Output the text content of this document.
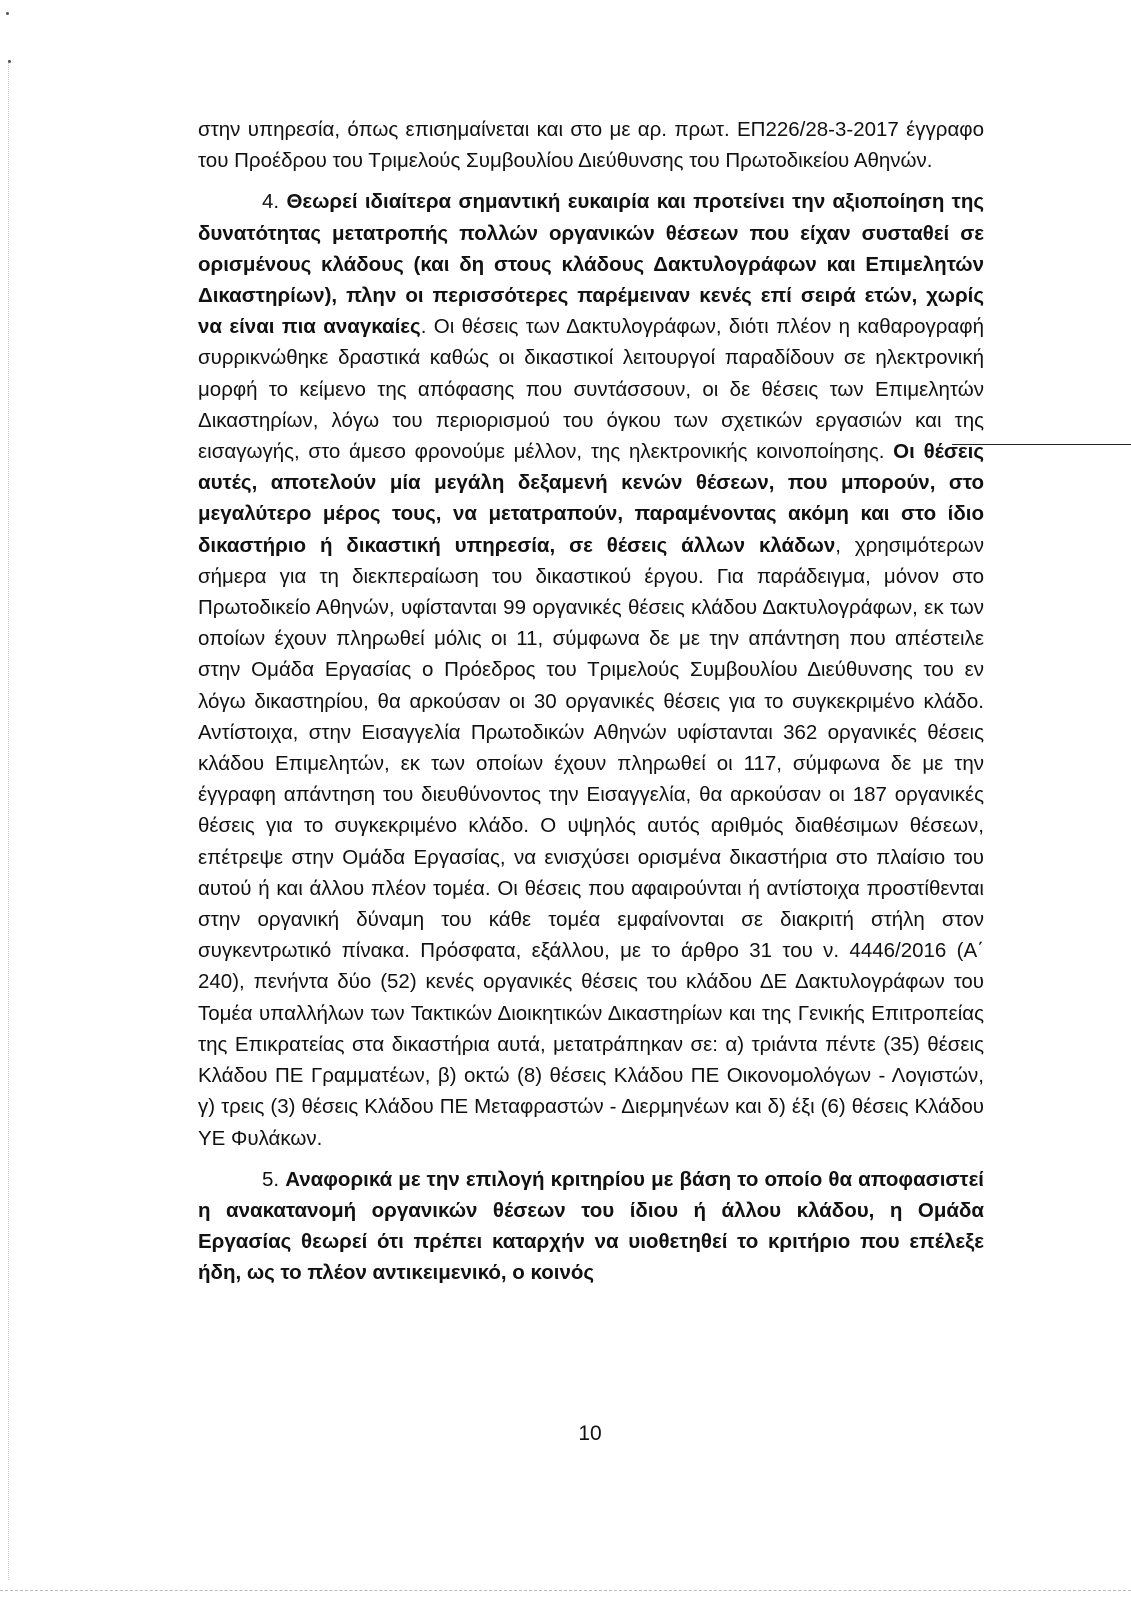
στην υπηρεσία, όπως επισημαίνεται και στο με αρ. πρωτ. ΕΠ226/28-3-2017 έγγραφο του Προέδρου του Τριμελούς Συμβουλίου Διεύθυνσης του Πρωτοδικείου Αθηνών.

4. Θεωρεί ιδιαίτερα σημαντική ευκαιρία και προτείνει την αξιοποίηση της δυνατότητας μετατροπής πολλών οργανικών θέσεων που είχαν συσταθεί σε ορισμένους κλάδους (και δη στους κλάδους Δακτυλογράφων και Επιμελητών Δικαστηρίων), πλην οι περισσότερες παρέμειναν κενές επί σειρά ετών, χωρίς να είναι πια αναγκαίες. Οι θέσεις των Δακτυλογράφων, διότι πλέον η καθαρογραφή συρρικνώθηκε δραστικά καθώς οι δικαστικοί λειτουργοί παραδίδουν σε ηλεκτρονική μορφή το κείμενο της απόφασης που συντάσσουν, οι δε θέσεις των Επιμελητών Δικαστηρίων, λόγω του περιορισμού του όγκου των σχετικών εργασιών και της εισαγωγής, στο άμεσο φρονούμε μέλλον, της ηλεκτρονικής κοινοποίησης. Οι θέσεις αυτές, αποτελούν μία μεγάλη δεξαμενή κενών θέσεων, που μπορούν, στο μεγαλύτερο μέρος τους, να μετατραπούν, παραμένοντας ακόμη και στο ίδιο δικαστήριο ή δικαστική υπηρεσία, σε θέσεις άλλων κλάδων, χρησιμότερων σήμερα για τη διεκπεραίωση του δικαστικού έργου. Για παράδειγμα, μόνον στο Πρωτοδικείο Αθηνών, υφίστανται 99 οργανικές θέσεις κλάδου Δακτυλογράφων, εκ των οποίων έχουν πληρωθεί μόλις οι 11, σύμφωνα δε με την απάντηση που απέστειλε στην Ομάδα Εργασίας ο Πρόεδρος του Τριμελούς Συμβουλίου Διεύθυνσης του εν λόγω δικαστηρίου, θα αρκούσαν οι 30 οργανικές θέσεις για το συγκεκριμένο κλάδο. Αντίστοιχα, στην Εισαγγελία Πρωτοδικών Αθηνών υφίστανται 362 οργανικές θέσεις κλάδου Επιμελητών, εκ των οποίων έχουν πληρωθεί οι 117, σύμφωνα δε με την έγγραφη απάντηση του διευθύνοντος την Εισαγγελία, θα αρκούσαν οι 187 οργανικές θέσεις για το συγκεκριμένο κλάδο. Ο υψηλός αυτός αριθμός διαθέσιμων θέσεων, επέτρεψε στην Ομάδα Εργασίας, να ενισχύσει ορισμένα δικαστήρια στο πλαίσιο του αυτού ή και άλλου πλέον τομέα. Οι θέσεις που αφαιρούνται ή αντίστοιχα προστίθενται στην οργανική δύναμη του κάθε τομέα εμφαίνονται σε διακριτή στήλη στον συγκεντρωτικό πίνακα. Πρόσφατα, εξάλλου, με το άρθρο 31 του ν. 4446/2016 (Α΄ 240), πενήντα δύο (52) κενές οργανικές θέσεις του κλάδου ΔΕ Δακτυλογράφων του Τομέα υπαλλήλων των Τακτικών Διοικητικών Δικαστηρίων και της Γενικής Επιτροπείας της Επικρατείας στα δικαστήρια αυτά, μετατράπηκαν σε: α) τριάντα πέντε (35) θέσεις Κλάδου ΠΕ Γραμματέων, β) οκτώ (8) θέσεις Κλάδου ΠΕ Οικονομολόγων - Λογιστών, γ) τρεις (3) θέσεις Κλάδου ΠΕ Μεταφραστών - Διερμηνέων και δ) έξι (6) θέσεις Κλάδου ΥΕ Φυλάκων.

5. Αναφορικά με την επιλογή κριτηρίου με βάση το οποίο θα αποφασιστεί η ανακατανομή οργανικών θέσεων του ίδιου ή άλλου κλάδου, η Ομάδα Εργασίας θεωρεί ότι πρέπει καταρχήν να υιοθετηθεί το κριτήριο που επέλεξε ήδη, ως το πλέον αντικειμενικό, ο κοινός

10
